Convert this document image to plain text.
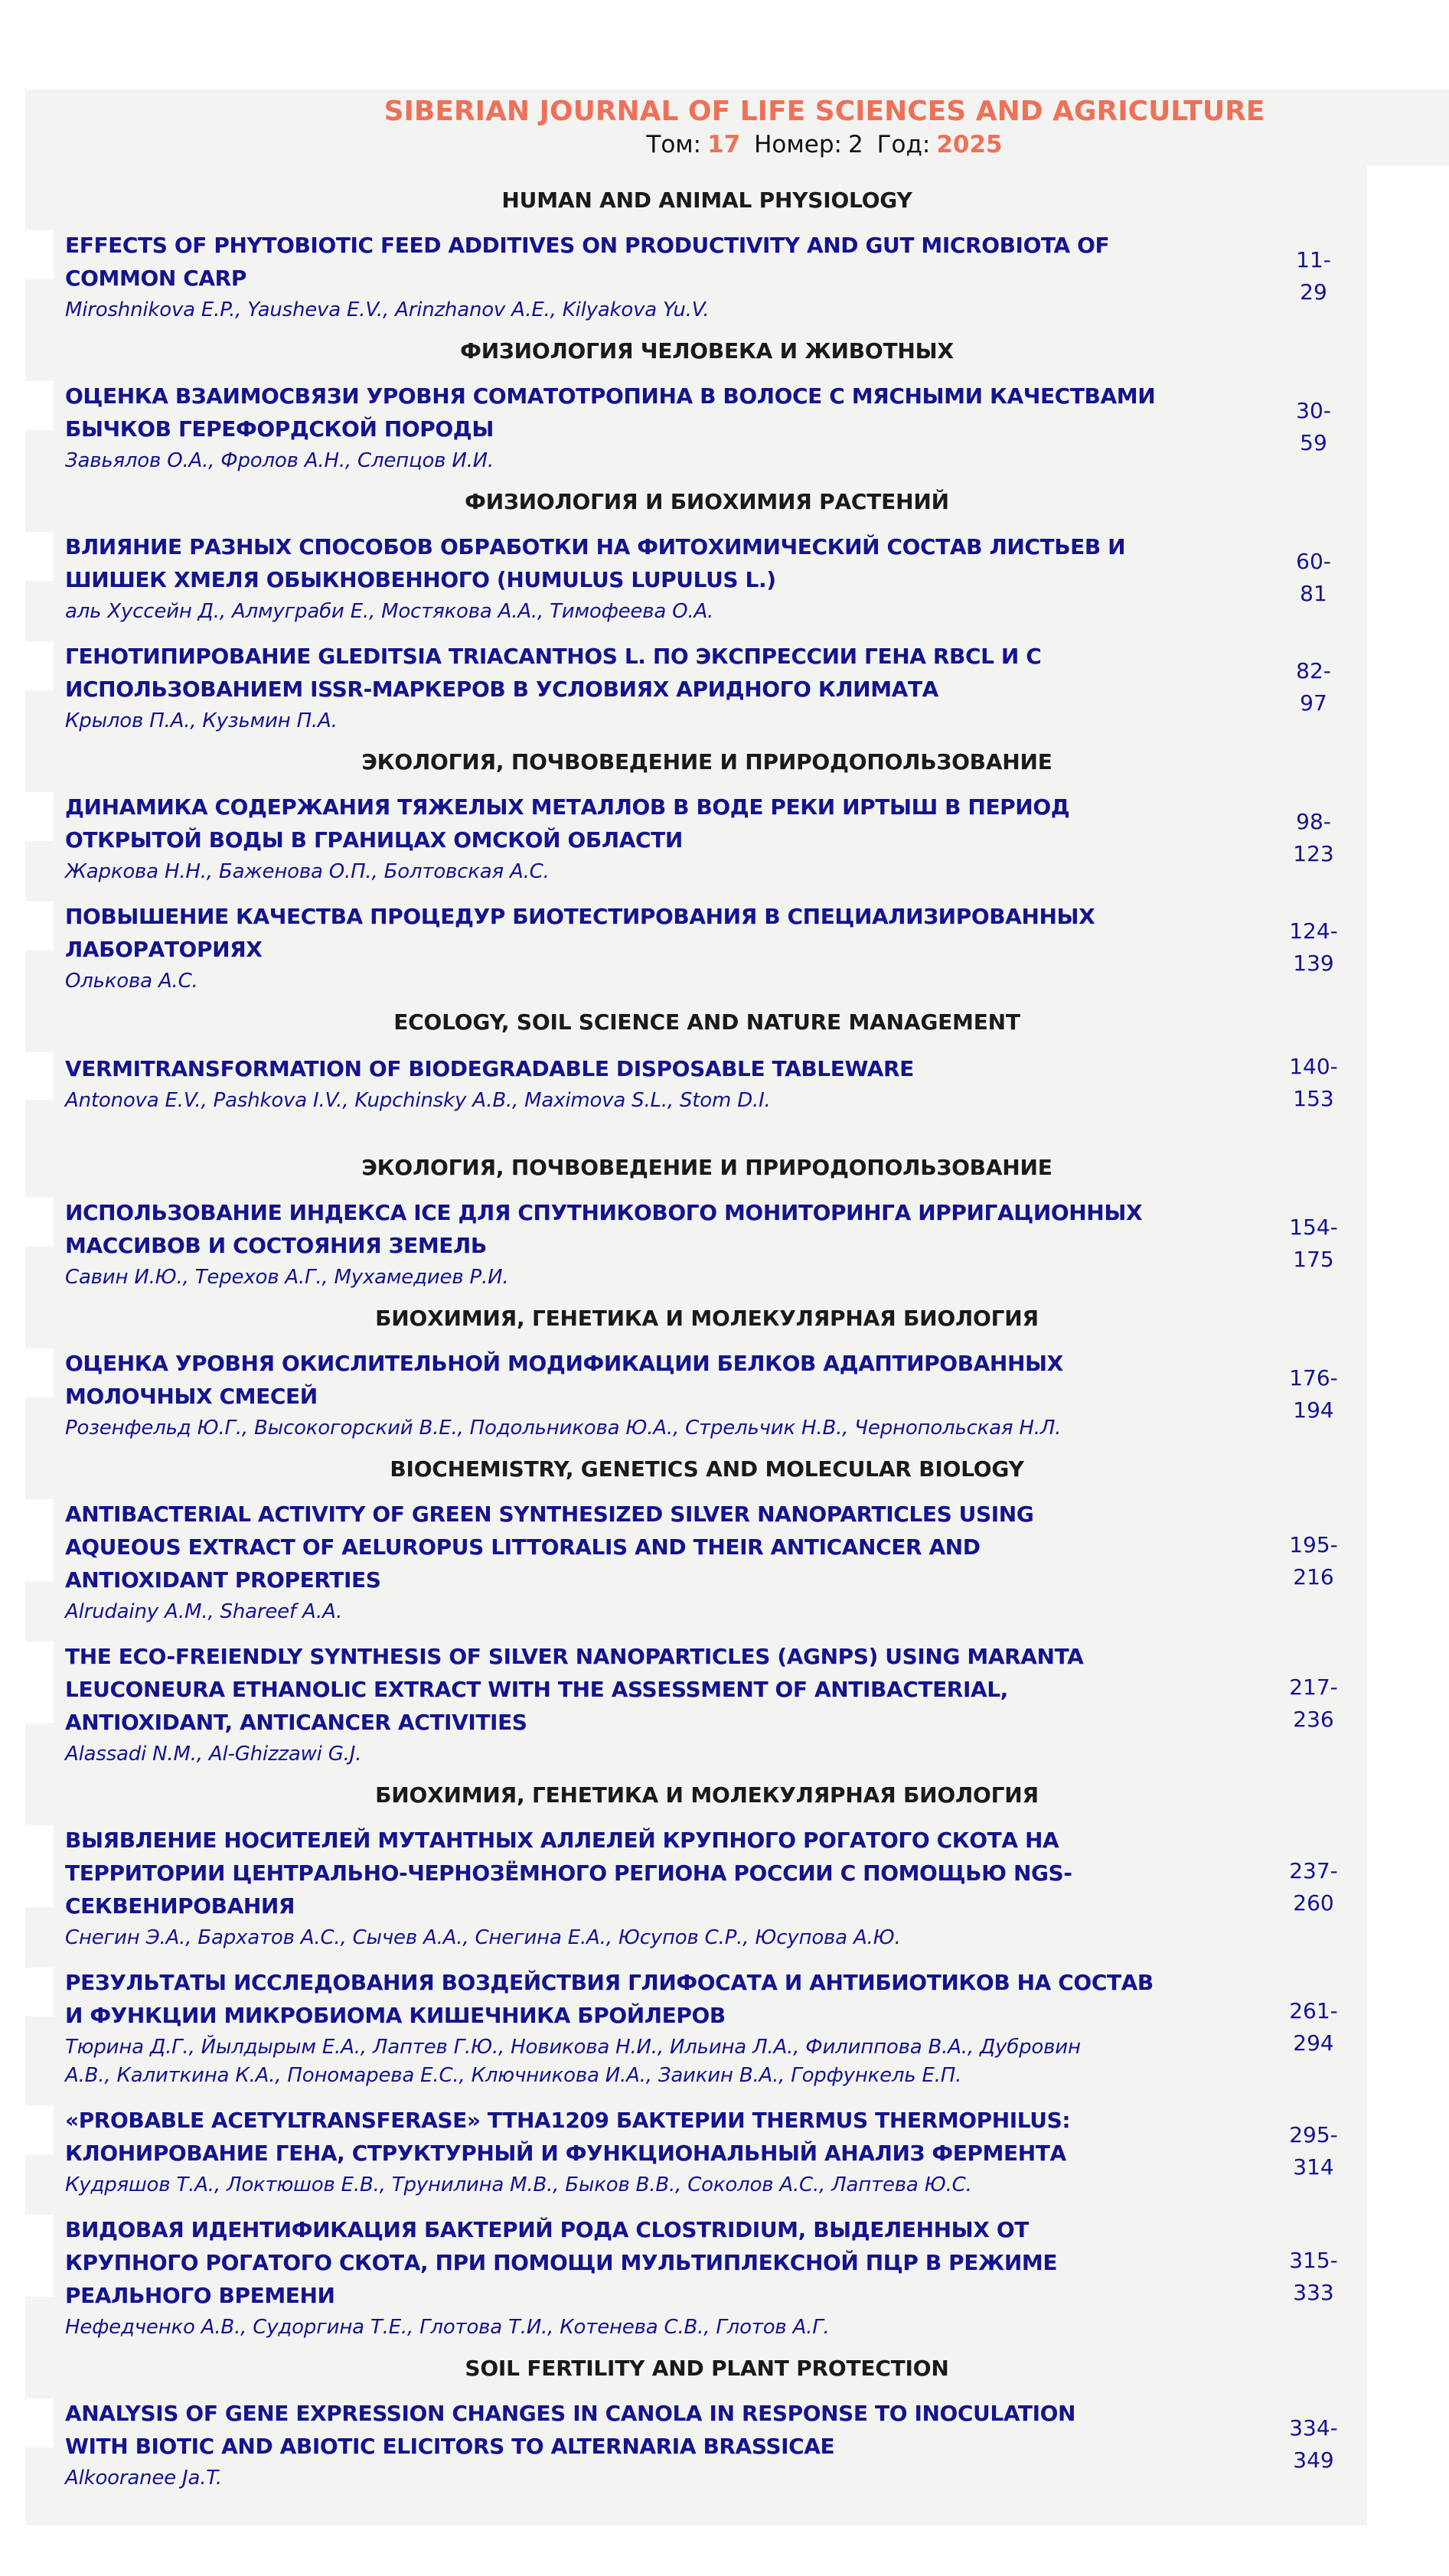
SIBERIAN JOURNAL OF LIFE SCIENCES AND AGRICULTURE
Том: 17 Номер: 2 Год: 2025
HUMAN AND ANIMAL PHYSIOLOGY
EFFECTS OF PHYTOBIOTIC FEED ADDITIVES ON PRODUCTIVITY AND GUT MICROBIOTA OF
COMMON CARP
Miroshnikova E.P., Yausheva E.V., Arinzhanov A.E., Kilyakova Yu.V.
11-
29
ФИЗИОЛОГИЯ ЧЕЛОВЕКА И ЖИВОТНЫХ
ОЦЕНКА ВЗАИМОСВЯЗИ УРОВНЯ СОМАТОТРОПИНА В ВОЛОСЕ С МЯСНЫМИ КАЧЕСТВАМИ
БЫЧКОВ ГЕРЕФОРДСКОЙ ПОРОДЫ
Завьялов О.А., Фролов А.Н., Слепцов И.И.
30-
59
ФИЗИОЛОГИЯ И БИОХИМИЯ РАСТЕНИЙ
ВЛИЯНИЕ РАЗНЫХ СПОСОБОВ ОБРАБОТКИ НА ФИТОХИМИЧЕСКИЙ СОСТАВ ЛИСТЬЕВ И
ШИШЕК ХМЕЛЯ ОБЫКНОВЕННОГО (HUMULUS LUPULUS L.)
аль Хуссейн Д., Алмуграби Е., Мостякова А.А., Тимофеева О.А.
60-
81
ГЕНОТИПИРОВАНИЕ GLEDITSIA TRIACANTHOS L. ПО ЭКСПРЕССИИ ГЕНА RBCL И С
ИСПОЛЬЗОВАНИЕМ ISSR-МАРКЕРОВ В УСЛОВИЯХ АРИДНОГО КЛИМАТА
Крылов П.А., Кузьмин П.А.
82-
97
ЭКОЛОГИЯ, ПОЧВОВЕДЕНИЕ И ПРИРОДОПОЛЬЗОВАНИЕ
ДИНАМИКА СОДЕРЖАНИЯ ТЯЖЕЛЫХ МЕТАЛЛОВ В ВОДЕ РЕКИ ИРТЫШ В ПЕРИОД
ОТКРЫТОЙ ВОДЫ В ГРАНИЦАХ ОМСКОЙ ОБЛАСТИ
Жаркова Н.Н., Баженова О.П., Болтовская А.С.
98-
123
ПОВЫШЕНИЕ КАЧЕСТВА ПРОЦЕДУР БИОТЕСТИРОВАНИЯ В СПЕЦИАЛИЗИРОВАННЫХ
ЛАБОРАТОРИЯХ
Олькова А.С.
124-
139
ECOLOGY, SOIL SCIENCE AND NATURE MANAGEMENT
VERMITRANSFORMATION OF BIODEGRADABLE DISPOSABLE TABLEWARE
Antonova E.V., Pashkova I.V., Kupchinsky A.B., Maximova S.L., Stom D.I.
140-
153
ЭКОЛОГИЯ, ПОЧВОВЕДЕНИЕ И ПРИРОДОПОЛЬЗОВАНИЕ
ИСПОЛЬЗОВАНИЕ ИНДЕКСА ICE ДЛЯ СПУТНИКОВОГО МОНИТОРИНГА ИРРИГАЦИОННЫХ
МАССИВОВ И СОСТОЯНИЯ ЗЕМЕЛЬ
Савин И.Ю., Терехов А.Г., Мухамедиев Р.И.
154-
175
БИОХИМИЯ, ГЕНЕТИКА И МОЛЕКУЛЯРНАЯ БИОЛОГИЯ
ОЦЕНКА УРОВНЯ ОКИСЛИТЕЛЬНОЙ МОДИФИКАЦИИ БЕЛКОВ АДАПТИРОВАННЫХ
МОЛОЧНЫХ СМЕСЕЙ
Розенфельд Ю.Г., Высокогорский В.Е., Подольникова Ю.А., Стрельчик Н.В., Чернопольская Н.Л.
176-
194
BIOCHEMISTRY, GENETICS AND MOLECULAR BIOLOGY
ANTIBACTERIAL ACTIVITY OF GREEN SYNTHESIZED SILVER NANOPARTICLES USING
AQUEOUS EXTRACT OF AELUROPUS LITTORALIS AND THEIR ANTICANCER AND
ANTIOXIDANT PROPERTIES
Alrudainy A.M., Shareef A.A.
195-
216
THE ECO-FREIENDLY SYNTHESIS OF SILVER NANOPARTICLES (AGNPS) USING MARANTA
LEUCONEURA ETHANOLIC EXTRACT WITH THE ASSESSMENT OF ANTIBACTERIAL,
ANTIOXIDANT, ANTICANCER ACTIVITIES
Alassadi N.M., Al-Ghizzawi G.J.
217-
236
БИОХИМИЯ, ГЕНЕТИКА И МОЛЕКУЛЯРНАЯ БИОЛОГИЯ
ВЫЯВЛЕНИЕ НОСИТЕЛЕЙ МУТАНТНЫХ АЛЛЕЛЕЙ КРУПНОГО РОГАТОГО СКОТА НА
ТЕРРИТОРИИ ЦЕНТРАЛЬНО-ЧЕРНОЗЁМНОГО РЕГИОНА РОССИИ С ПОМОЩЬЮ NGS-
СЕКВЕНИРОВАНИЯ
Снегин Э.А., Бархатов А.С., Сычев А.А., Снегина Е.А., Юсупов С.Р., Юсупова А.Ю.
237-
260
РЕЗУЛЬТАТЫ ИССЛЕДОВАНИЯ ВОЗДЕЙСТВИЯ ГЛИФОСАТА И АНТИБИОТИКОВ НА СОСТАВ
И ФУНКЦИИ МИКРОБИОМА КИШЕЧНИКА БРОЙЛЕРОВ
Тюрина Д.Г., Йылдырым Е.А., Лаптев Г.Ю., Новикова Н.И., Ильина Л.А., Филиппова В.А., Дубровин
А.В., Калиткина К.А., Пономарева Е.С., Ключникова И.А., Заикин В.А., Горфункель Е.П.
261-
294
«PROBABLE ACETYLTRANSFERASE» TTHA1209 БАКТЕРИИ THERMUS THERMOPHILUS:
КЛОНИРОВАНИЕ ГЕНА, СТРУКТУРНЫЙ И ФУНКЦИОНАЛЬНЫЙ АНАЛИЗ ФЕРМЕНТА
Кудряшов Т.А., Локтюшов Е.В., Трунилина М.В., Быков В.В., Соколов А.С., Лаптева Ю.С.
295-
314
ВИДОВАЯ ИДЕНТИФИКАЦИЯ БАКТЕРИЙ РОДА CLOSTRIDIUM, ВЫДЕЛЕННЫХ ОТ
КРУПНОГО РОГАТОГО СКОТА, ПРИ ПОМОЩИ МУЛЬТИПЛЕКСНОЙ ПЦР В РЕЖИМЕ
РЕАЛЬНОГО ВРЕМЕНИ
Нефедченко А.В., Судоргина Т.Е., Глотова Т.И., Котенева С.В., Глотов А.Г.
315-
333
SOIL FERTILITY AND PLANT PROTECTION
ANALYSIS OF GENE EXPRESSION CHANGES IN CANOLA IN RESPONSE TO INOCULATION
WITH BIOTIC AND ABIOTIC ELICITORS TO ALTERNARIA BRASSICAE
Alkooranee Ja.T.
334-
349
